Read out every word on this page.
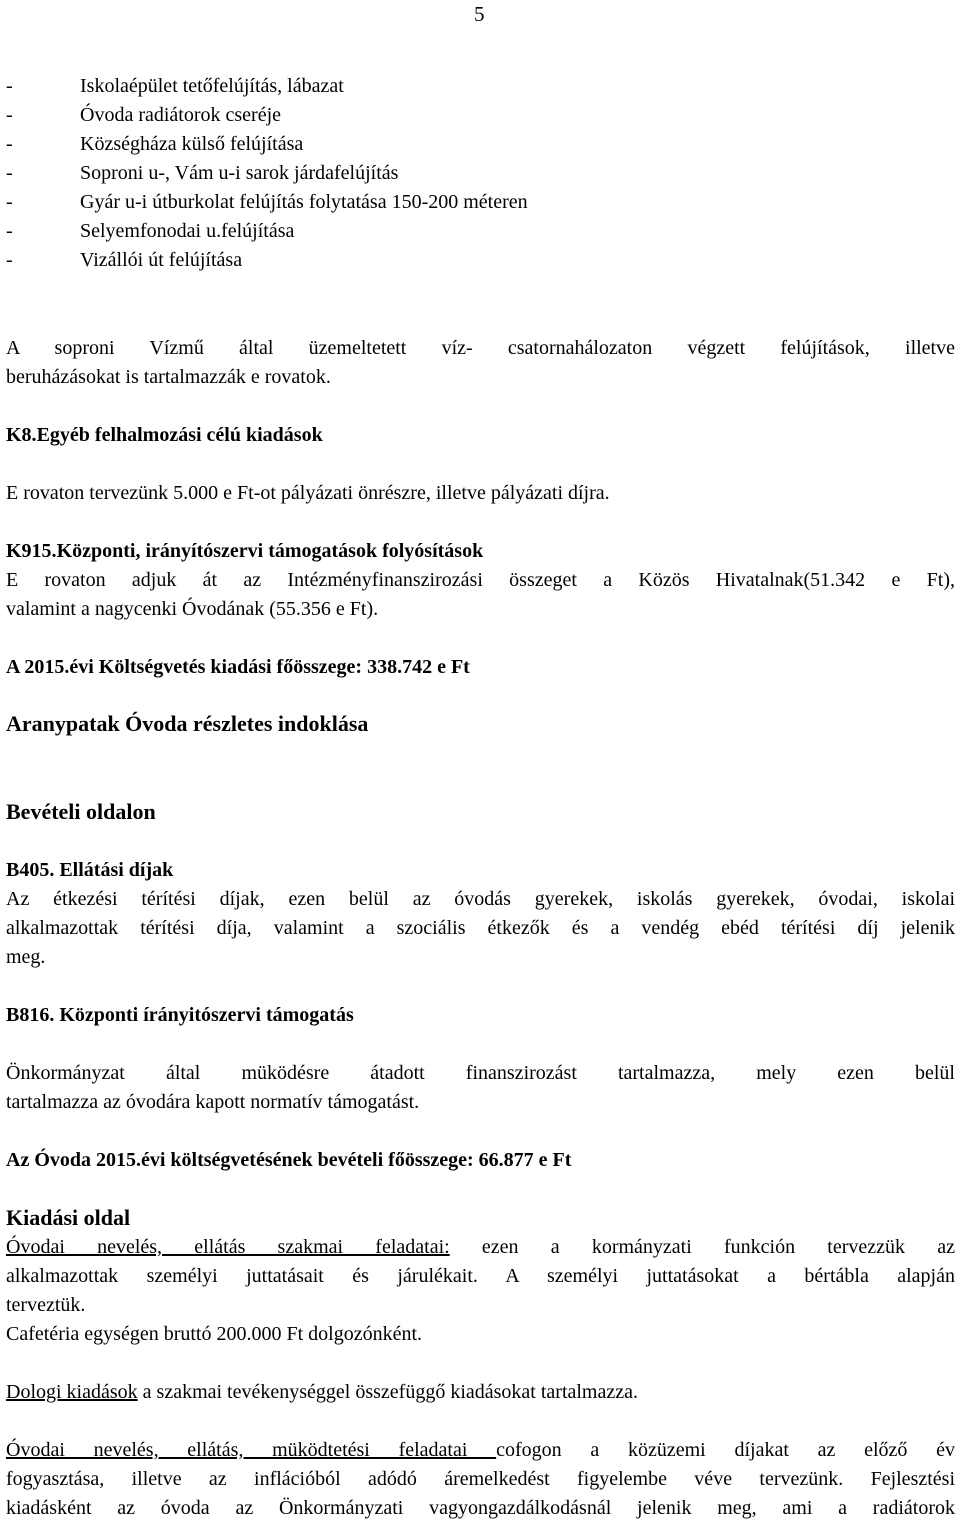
5
-	Iskolaépület tetőfelújítás, lábazat
-	Óvoda radiátorok cseréje
-	Községháza külső felújítása
-	Soproni u-, Vám u-i sarok járdafelújítás
-	Gyár u-i útburkolat felújítás folytatása 150-200 méteren
-	Selyemfonodai u.felújítása
-	Vizállói út felújítása
A soproni Vízmű által üzemeltetett víz- csatornahálozaton végzett felújítások, illetve
beruházásokat is tartalmazzák e rovatok.
K8.Egyéb felhalmozási célú kiadások
E rovaton tervezünk 5.000 e Ft-ot pályázati önrészre, illetve pályázati díjra.
K915.Központi, irányítószervi támogatások folyósítások
E rovaton adjuk át az Intézményfinanszirozási összeget a Közös Hivatalnak(51.342 e Ft),
valamint a nagycenki Óvodának (55.356 e Ft).
A 2015.évi Költségvetés kiadási főösszege: 338.742 e Ft
Aranypatak Óvoda részletes indoklása
Bevételi oldalon
B405. Ellátási díjak
Az étkezési térítési díjak, ezen belül az óvodás gyerekek, iskolás gyerekek, óvodai, iskolai
alkalmazottak térítési díja, valamint a szociális étkezők és a vendég ebéd térítési díj jelenik
meg.
B816. Központi írányitószervi támogatás
Önkormányzat által müködésre átadott finanszirozást tartalmazza, mely ezen belül
tartalmazza az óvodára kapott normatív támogatást.
Az Óvoda 2015.évi költségvetésének bevételi főösszege: 66.877 e Ft
Kiadási oldal
Óvodai nevelés, ellátás szakmai feladatai: ezen a kormányzati funkción tervezzük az
alkalmazottak személyi juttatásait és járulékait. A személyi juttatásokat a bértábla alapján
terveztük.
Cafetéria egységen bruttó 200.000 Ft dolgozónként.
Dologi kiadások a szakmai tevékenységgel összefüggő kiadásokat tartalmazza.
Óvodai nevelés, ellátás, müködtetési feladatai cofogon a közüzemi díjakat az előző év
fogyasztása, illetve az inflációból adódó áremelkedést figyelembe véve tervezünk. Fejlesztési
kiadásként az óvoda az Önkormányzati vagyongazdálkodásnál jelenik meg, ami a radiátorok
